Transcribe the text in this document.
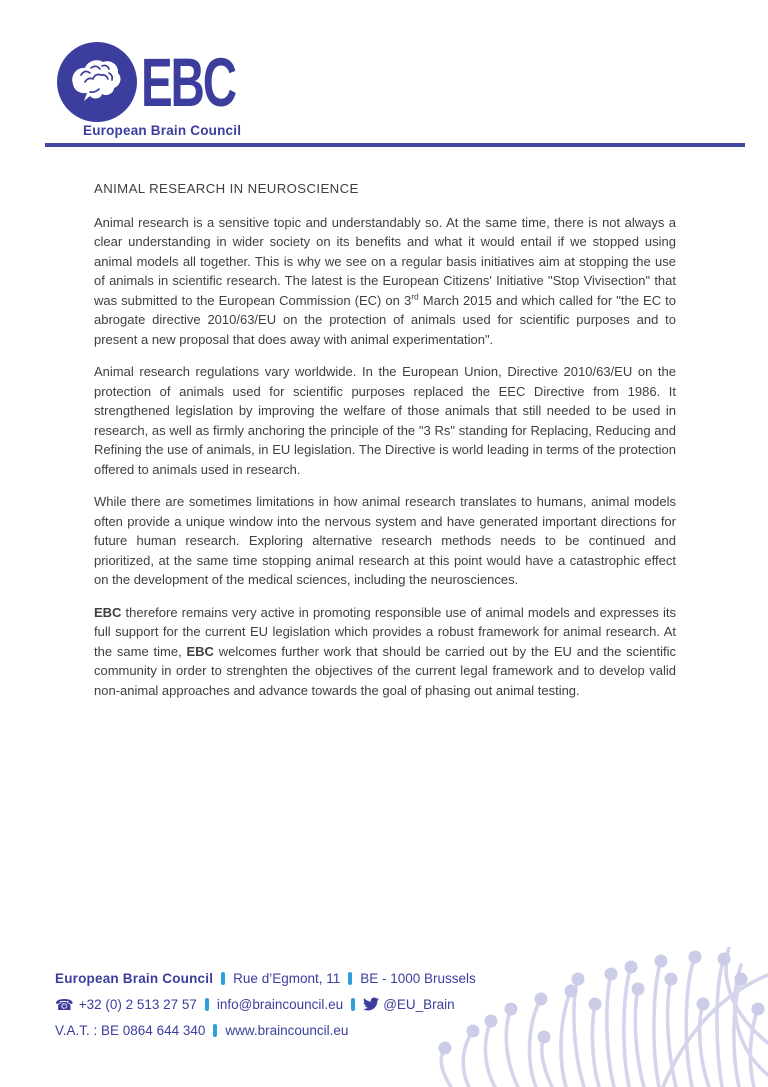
EBC
European Brain Council
ANIMAL RESEARCH IN NEUROSCIENCE

Animal research is a sensitive topic and understandably so. At the same time, there is not always a clear understanding in wider society on its benefits and what it would entail if we stopped using animal models all together. This is why we see on a regular basis initiatives aim at stopping the use of animals in scientific research. The latest is the European Citizens' Initiative "Stop Vivisection" that was submitted to the European Commission (EC) on 3rd March 2015 and which called for "the EC to abrogate directive 2010/63/EU on the protection of animals used for scientific purposes and to present a new proposal that does away with animal experimentation".

Animal research regulations vary worldwide. In the European Union, Directive 2010/63/EU on the protection of animals used for scientific purposes replaced the EEC Directive from 1986. It strengthened legislation by improving the welfare of those animals that still needed to be used in research, as well as firmly anchoring the principle of the "3 Rs" standing for Replacing, Reducing and Refining the use of animals, in EU legislation. The Directive is world leading in terms of the protection offered to animals used in research.

While there are sometimes limitations in how animal research translates to humans, animal models often provide a unique window into the nervous system and have generated important directions for future human research. Exploring alternative research methods needs to be continued and prioritized, at the same time stopping animal research at this point would have a catastrophic effect on the development of the medical sciences, including the neurosciences.

EBC therefore remains very active in promoting responsible use of animal models and expresses its full support for the current EU legislation which provides a robust framework for animal research. At the same time, EBC welcomes further work that should be carried out by the EU and the scientific community in order to strenghten the objectives of the current legal framework and to develop valid non-animal approaches and advance towards the goal of phasing out animal testing.

European Brain Council Rue d’Egmont, 11 BE - 1000 Brussels
☎ +32 (0) 2 513 27 57 info@braincouncil.eu	@EU_Brain
V.A.T. : BE 0864 644 340 www.braincouncil.eu
